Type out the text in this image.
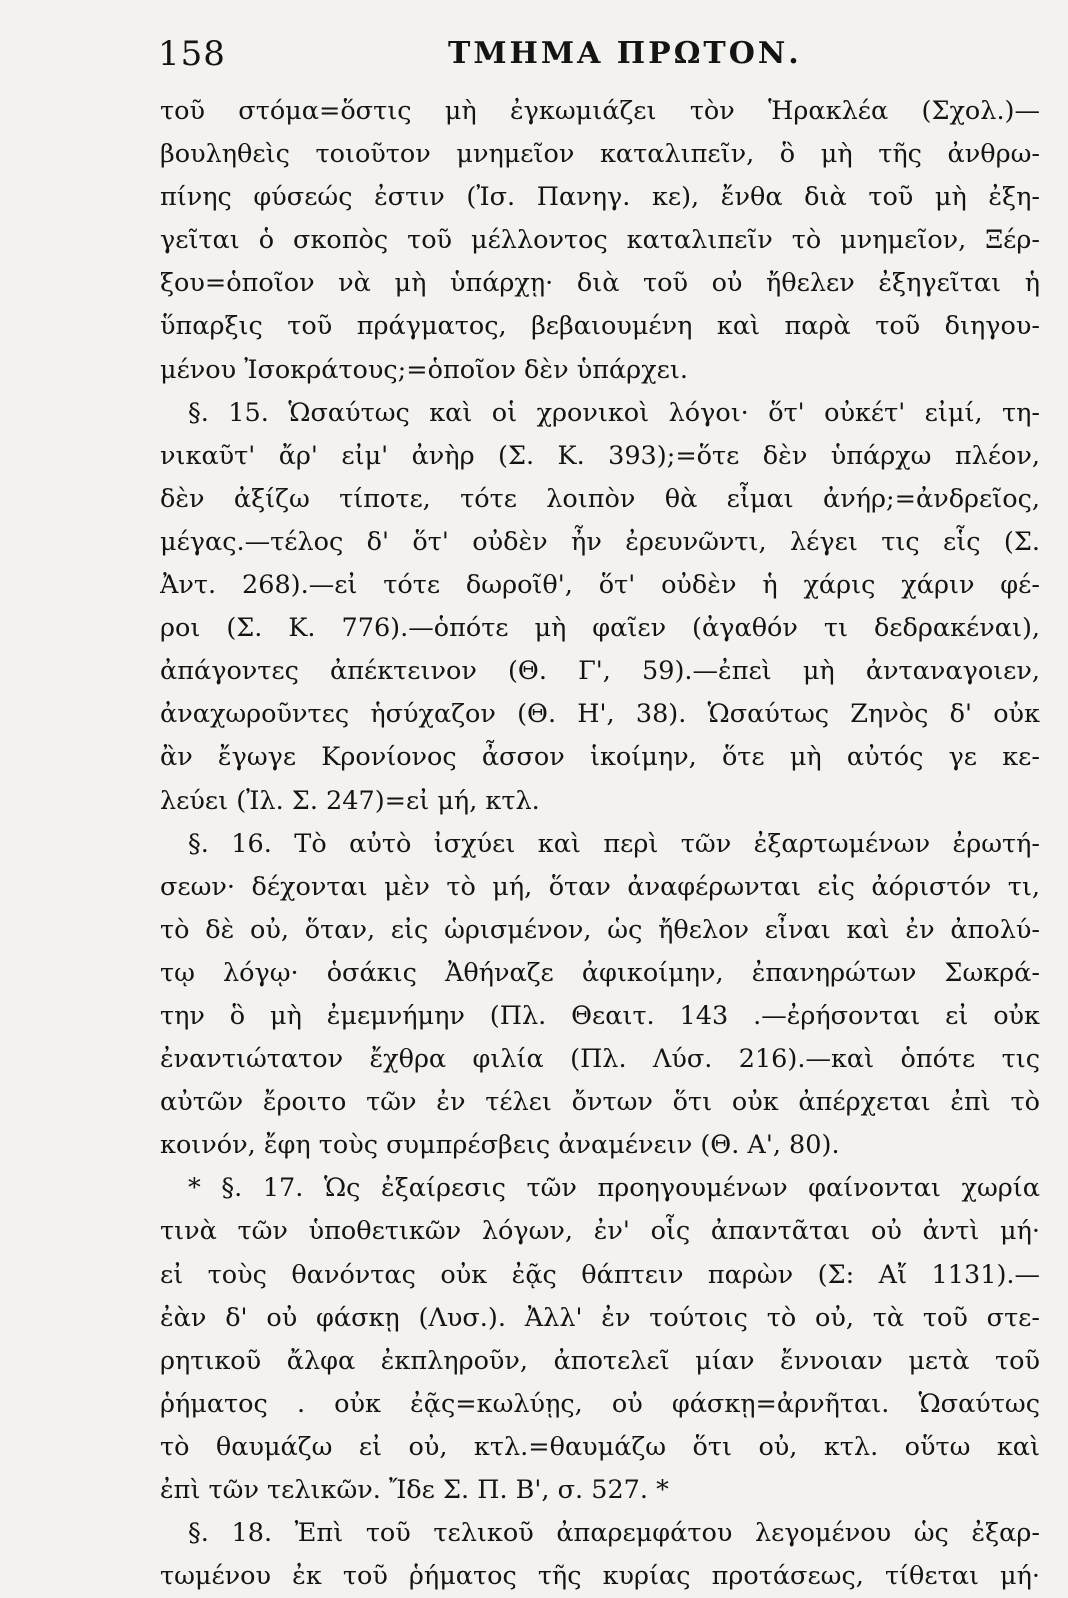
158	ΤΜΗΜΑ ΠΡΩΤΟΝ.
τοῦ στόμα=ὅστις μὴ ἐγκωμιάζει τὸν Ἡρακλέα (Σχολ.)—
βουληθεὶς τοιοῦτον μνημεῖον καταλιπεῖν, ὃ μὴ τῆς ἀνθρω-
πίνης φύσεώς ἐστιν (Ἰσ. Πανηγ. κε), ἔνθα διὰ τοῦ μὴ ἐξη-
γεῖται ὁ σκοπὸς τοῦ μέλλοντος καταλιπεῖν τὸ μνημεῖον, Ξέρ-
ξου=ὁποῖον νὰ μὴ ὑπάρχῃ· διὰ τοῦ οὐ ἤθελεν ἐξηγεῖται ἡ
ὕπαρξις τοῦ πράγματος, βεβαιουμένη καὶ παρὰ τοῦ διηγου-
μένου Ἰσοκράτους;=ὁποῖον δὲν ὑπάρχει.
§. 15. Ὡσαύτως καὶ οἱ χρονικοὶ λόγοι· ὅτ' οὐκέτ' εἰμί, τη-
νικαῦτ' ἄρ' εἰμ' ἀνὴρ (Σ. Κ. 393);=ὅτε δὲν ὑπάρχω πλέον,
δὲν ἀξίζω τίποτε, τότε λοιπὸν θὰ εἶμαι ἀνήρ;=ἀνδρεῖος,
μέγας.—τέλος δ' ὅτ' οὐδὲν ἦν ἐρευνῶντι, λέγει τις εἷς (Σ.
Ἀντ. 268).—εἰ τότε δωροῖθ', ὅτ' οὐδὲν ἡ χάρις χάριν φέ-
ροι (Σ. Κ. 776).—ὁπότε μὴ φαῖεν (ἀγαθόν τι δεδρακέναι),
ἀπάγοντες ἀπέκτεινον (Θ. Γ', 59).—ἐπεὶ μὴ ἀνταναγοιεν,
ἀναχωροῦντες ἡσύχαζον (Θ. Η', 38). Ὡσαύτως Ζηνὸς δ' οὐκ
ἂν ἔγωγε Κρονίονος ἆσσον ἱκοίμην, ὅτε μὴ αὐτός γε κε-
λεύει (Ἰλ. Σ. 247)=εἰ μή, κτλ.
§. 16. Τὸ αὐτὸ ἰσχύει καὶ περὶ τῶν ἐξαρτωμένων ἐρωτή-
σεων· δέχονται μὲν τὸ μή, ὅταν ἀναφέρωνται εἰς ἀόριστόν τι,
τὸ δὲ οὐ, ὅταν, εἰς ὡρισμένον, ὡς ἤθελον εἶναι καὶ ἐν ἀπολύ-
τῳ λόγῳ· ὁσάκις Ἀθήναζε ἀφικοίμην, ἐπανηρώτων Σωκρά-
την ὃ μὴ ἐμεμνήμην (Πλ. Θεαιτ. 143 .—ἐρήσονται εἰ οὐκ
ἐναντιώτατον ἔχθρα φιλία (Πλ. Λύσ. 216).—καὶ ὁπότε τις
αὐτῶν ἔροιτο τῶν ἐν τέλει ὄντων ὅτι οὐκ ἀπέρχεται ἐπὶ τὸ
κοινόν, ἔφη τοὺς συμπρέσβεις ἀναμένειν (Θ. Α', 80).
* §. 17. Ὡς ἐξαίρεσις τῶν προηγουμένων φαίνονται χωρία
τινὰ τῶν ὑποθετικῶν λόγων, ἐν' οἷς ἀπαντᾶται οὐ ἀντὶ μή·
εἰ τοὺς θανόντας οὐκ ἐᾷς θάπτειν παρὼν (Σ: Αἴ 1131).—
ἐὰν δ' οὐ φάσκῃ (Λυσ.). Ἀλλ' ἐν τούτοις τὸ οὐ, τὰ τοῦ στε-
ρητικοῦ ἄλφα ἐκπληροῦν, ἀποτελεῖ μίαν ἔννοιαν μετὰ τοῦ
ῥήματος . οὐκ ἐᾷς=κωλύῃς, οὐ φάσκῃ=ἀρνῆται. Ὡσαύτως
τὸ θαυμάζω εἰ οὐ, κτλ.=θαυμάζω ὅτι οὐ, κτλ. οὕτω καὶ
ἐπὶ τῶν τελικῶν. Ἴδε Σ. Π. Β', σ. 527. *
§. 18. Ἐπὶ τοῦ τελικοῦ ἀπαρεμφάτου λεγομένου ὡς ἐξαρ-
τωμένου ἐκ τοῦ ῥήματος τῆς κυρίας προτάσεως, τίθεται μή·
